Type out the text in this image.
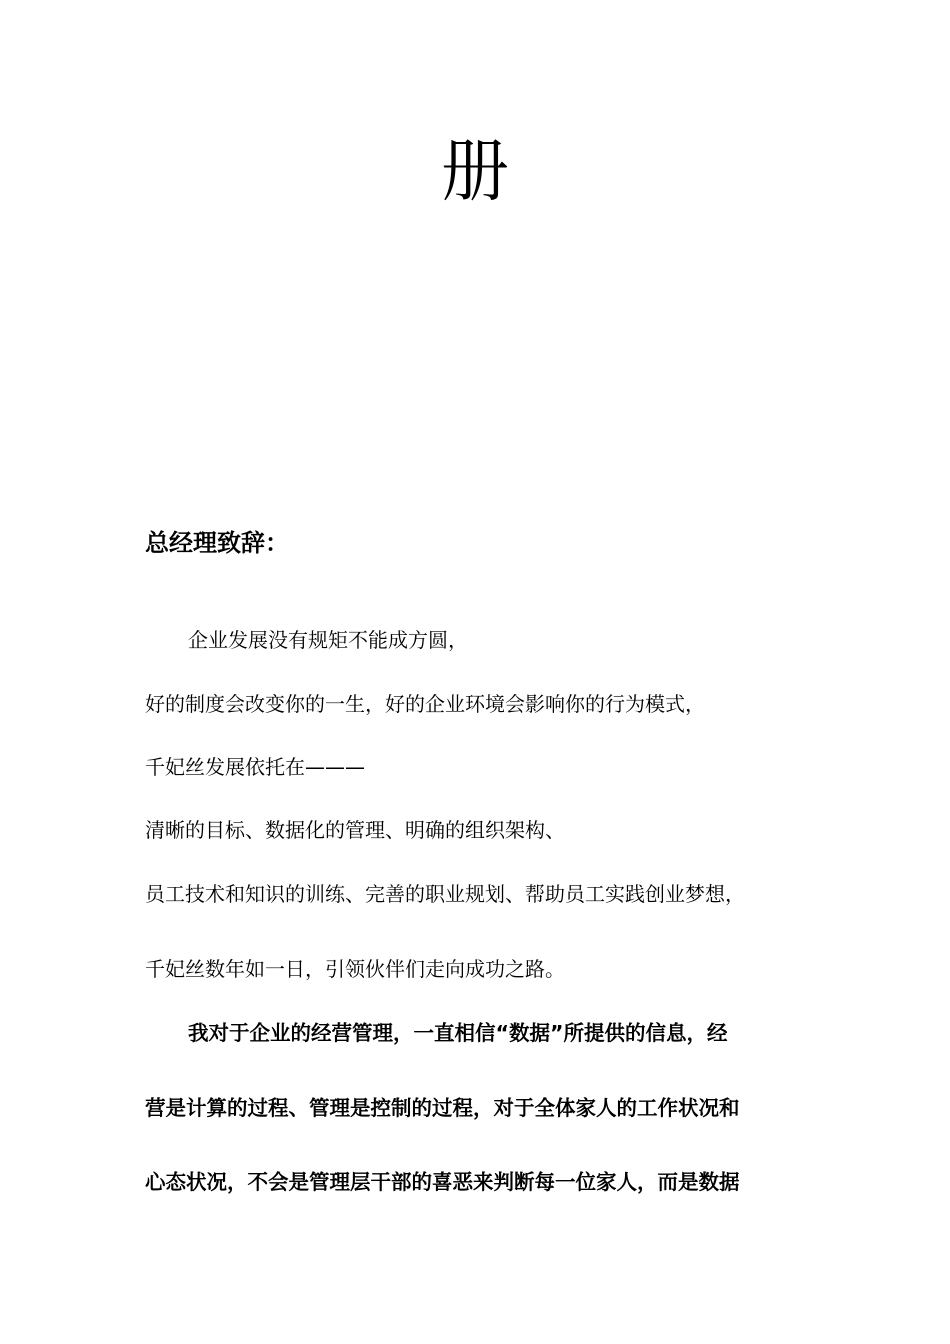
册
总经理致辞：
企业发展没有规矩不能成方圆，
好的制度会改变你的一生，好的企业环境会影响你的行为模式，
千妃丝发展依托在———
清晰的目标、数据化的管理、明确的组织架构、
员工技术和知识的训练、完善的职业规划、帮助员工实践创业梦想，
千妃丝数年如一日，引领伙伴们走向成功之路。
我对于企业的经营管理，一直相信“数据”所提供的信息，经
营是计算的过程、管理是控制的过程，对于全体家人的工作状况和
心态状况，不会是管理层干部的喜恶来判断每一位家人，而是数据
